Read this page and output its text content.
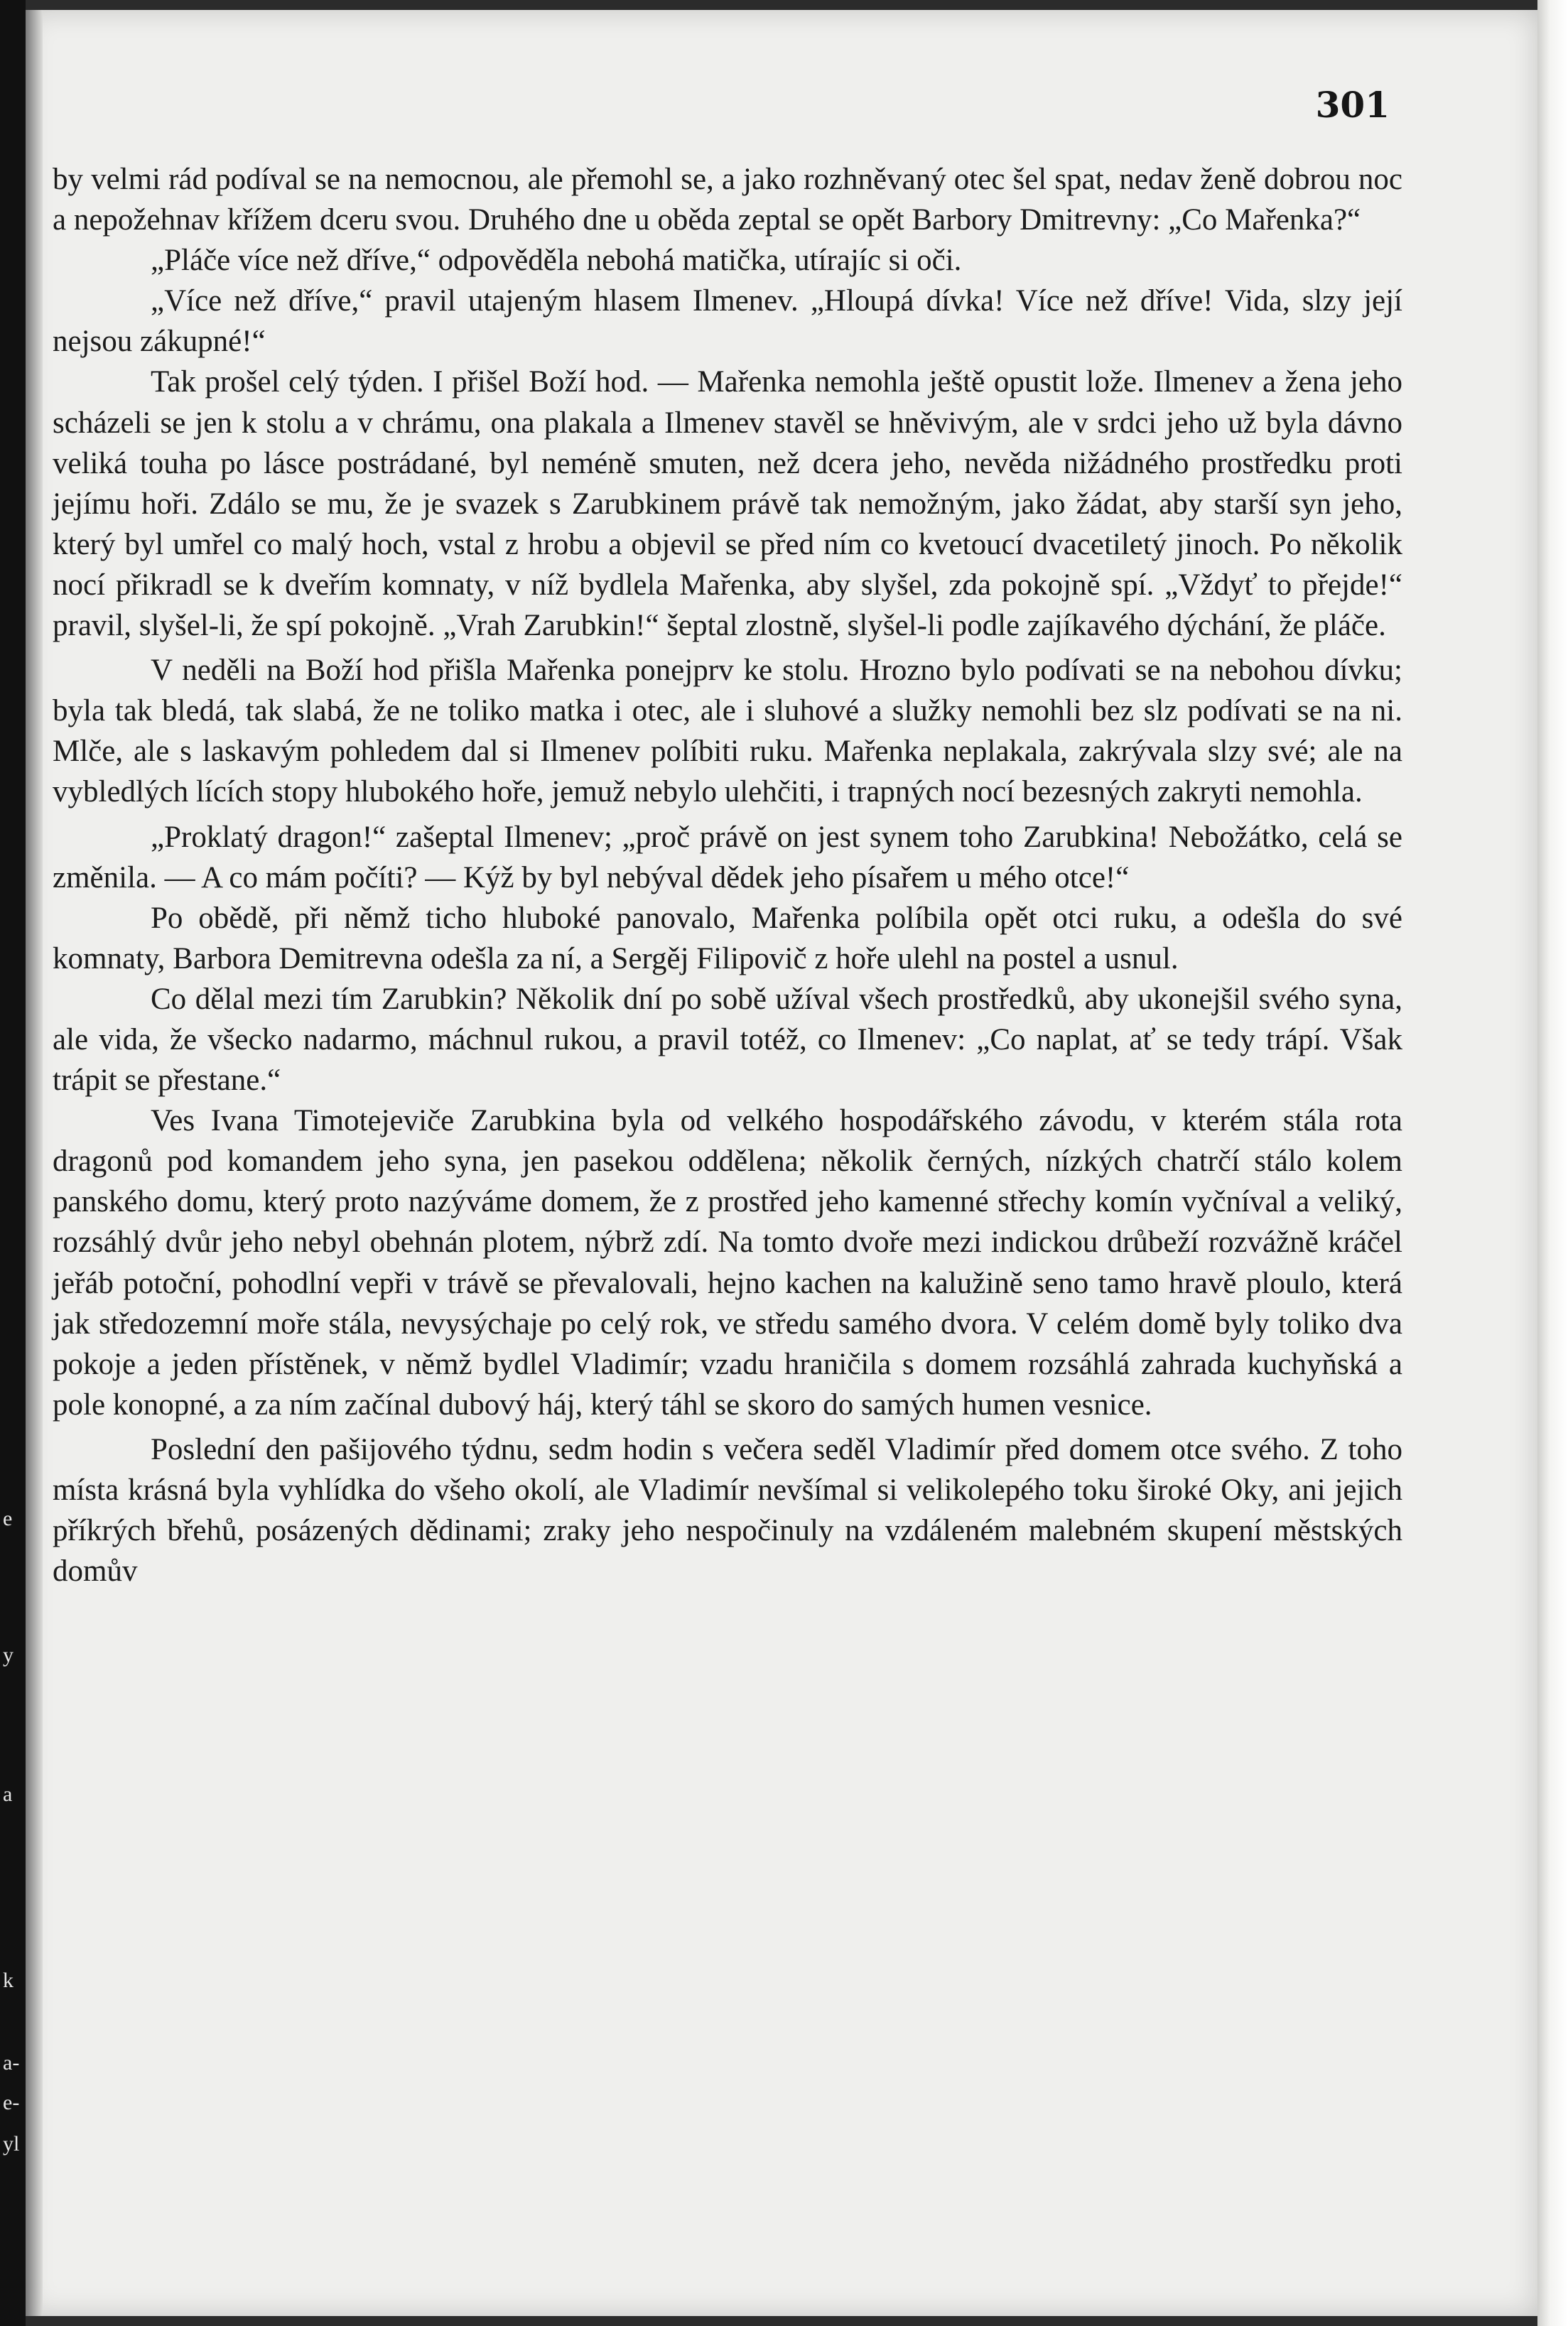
e
y
a
k
a-
e-
yl
301

by velmi rád podíval se na nemocnou, ale přemohl se, a jako rozhněvaný otec šel spat, nedav ženě dobrou noc a nepožehnav křížem dceru svou. Druhého dne u oběda zeptal se opět Barbory Dmitrevny: „Co Mařenka?“

„Pláče více než dříve,“ odpověděla nebohá matička, utírajíc si oči.

„Více než dříve,“ pravil utajeným hlasem Ilmenev. „Hloupá dívka! Více než dříve! Vida, slzy její nejsou zákupné!“

Tak prošel celý týden. I přišel Boží hod. — Mařenka nemohla ještě opustit lože. Ilmenev a žena jeho scházeli se jen k stolu a v chrámu, ona plakala a Ilmenev stavěl se hněvivým, ale v srdci jeho už byla dávno veliká touha po lásce postrádané, byl neméně smuten, než dcera jeho, nevěda nižádného prostředku proti jejímu hoři. Zdálo se mu, že je svazek s Zarubkinem právě tak nemožným, jako žádat, aby starší syn jeho, který byl umřel co malý hoch, vstal z hrobu a objevil se před ním co kvetoucí dvacetiletý jinoch. Po několik nocí přikradl se k dveřím komnaty, v níž bydlela Mařenka, aby slyšel, zda pokojně spí. „Vždyť to přejde!“ pravil, slyšel-li, že spí pokojně. „Vrah Zarubkin!“ šeptal zlostně, slyšel-li podle zajíkavého dýchání, že pláče.

V neděli na Boží hod přišla Mařenka ponejprv ke stolu. Hrozno bylo podívati se na nebohou dívku; byla tak bledá, tak slabá, že ne toliko matka i otec, ale i sluhové a služky nemohli bez slz podívati se na ni. Mlče, ale s laskavým pohledem dal si Ilmenev políbiti ruku. Mařenka neplakala, zakrývala slzy své; ale na vybledlých lících stopy hlubokého hoře, jemuž nebylo ulehčiti, i trapných nocí bezesných zakryti nemohla.

„Proklatý dragon!“ zašeptal Ilmenev; „proč právě on jest synem toho Zarubkina! Nebožátko, celá se změnila. — A co mám počíti? — Kýž by byl nebýval dědek jeho písařem u mého otce!“

Po obědě, při němž ticho hluboké panovalo, Mařenka políbila opět otci ruku, a odešla do své komnaty, Barbora Demitrevna odešla za ní, a Sergěj Filipovič z hoře ulehl na postel a usnul.

Co dělal mezi tím Zarubkin? Několik dní po sobě užíval všech prostředků, aby ukonejšil svého syna, ale vida, že všecko nadarmo, máchnul rukou, a pravil totéž, co Ilmenev: „Co naplat, ať se tedy trápí. Však trápit se přestane.“

Ves Ivana Timotejeviče Zarubkina byla od velkého hospodářského závodu, v kterém stála rota dragonů pod komandem jeho syna, jen pasekou oddělena; několik černých, nízkých chatrčí stálo kolem panského domu, který proto nazýváme domem, že z prostřed jeho kamenné střechy komín vyčníval a veliký, rozsáhlý dvůr jeho nebyl obehnán plotem, nýbrž zdí. Na tomto dvoře mezi indickou drůbeží rozvážně kráčel jeřáb potoční, pohodlní vepři v trávě se převalovali, hejno kachen na kalužině seno tamo hravě ploulo, která jak středozemní moře stála, nevysýchaje po celý rok, ve středu samého dvora. V celém domě byly toliko dva pokoje a jeden přístěnek, v němž bydlel Vladimír; vzadu hraničila s domem rozsáhlá zahrada kuchyňská a pole konopné, a za ním začínal dubový háj, který táhl se skoro do samých humen vesnice.

Poslední den pašijového týdnu, sedm hodin s večera seděl Vladimír před domem otce svého. Z toho místa krásná byla vyhlídka do všeho okolí, ale Vladimír nevšímal si velikolepého toku široké Oky, ani jejich příkrých břehů, posázených dědinami; zraky jeho nespočinuly na vzdáleném malebném skupení městských domův
